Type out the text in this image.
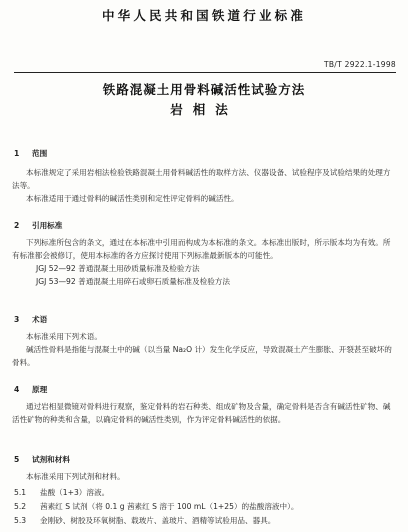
中华人民共和国铁道行业标准
TB/T 2922.1-1998
铁路混凝土用骨料碱活性试验方法
岩相法
1 范围

本标准规定了采用岩相法检验铁路混凝土用骨料碱活性的取样方法、仪器设备、试验程序及试验结果的处理方法等。

本标准适用于通过骨料的碱活性类别和定性评定骨料的碱活性。

2 引用标准

下列标准所包含的条文，通过在本标准中引用而构成为本标准的条文。本标准出版时，所示版本均为有效。所有标准都会被修订，使用本标准的各方应探讨使用下列标准最新版本的可能性。

JGJ 52—92 普通混凝土用砂质量标准及检验方法

JGJ 53—92 普通混凝土用碎石或卵石质量标准及检验方法

3 术语

本标准采用下列术语。

碱活性骨料是指能与混凝土中的碱（以当量 Na₂O 计）发生化学反应，导致混凝土产生膨胀、开裂甚至破坏的骨料。

4 原理

通过岩相显微镜对骨料进行观察，鉴定骨料的岩石种类、组成矿物及含量，确定骨料是否含有碱活性矿物、碱活性矿物的种类和含量，以确定骨料的碱活性类别，作为评定骨料碱活性的依据。

5 试剂和材料

本标准采用下列试剂和材料。

5.1 盐酸（1+3）溶液。
5.2 茜素红 S 试剂（将 0.1 g 茜素红 S 溶于 100 mL（1+25）的盐酸溶液中）。
5.3 金刚砂、树胶及环氧树脂、载玻片、盖玻片、酒精等试验用品、器具。
